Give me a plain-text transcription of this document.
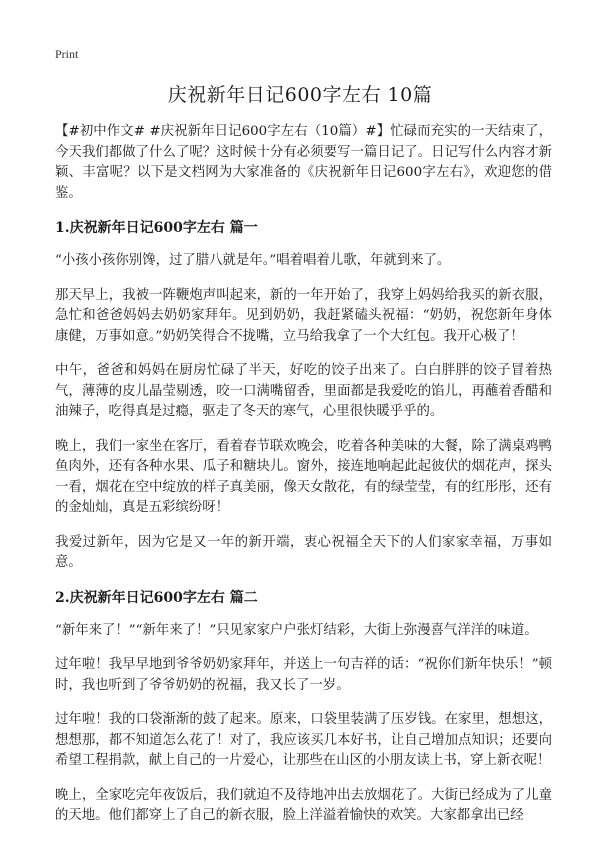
Print
庆祝新年日记600字左右 10篇

【#初中作文# #庆祝新年日记600字左右（10篇）#】忙碌而充实的一天结束了，今天我们都做了什么了呢？这时候十分有必须要写一篇日记了。日记写什么内容才新颖、丰富呢？以下是文档网为大家准备的《庆祝新年日记600字左右》，欢迎您的借鉴。

1.庆祝新年日记600字左右 篇一

“小孩小孩你别馋，过了腊八就是年。”唱着唱着儿歌，年就到来了。

那天早上，我被一阵鞭炮声叫起来，新的一年开始了，我穿上妈妈给我买的新衣服，急忙和爸爸妈妈去奶奶家拜年。见到奶奶，我赶紧磕头祝福：“奶奶，祝您新年身体康健，万事如意。”奶奶笑得合不拢嘴，立马给我拿了一个大红包。我开心极了！

中午，爸爸和妈妈在厨房忙碌了半天，好吃的饺子出来了。白白胖胖的饺子冒着热气，薄薄的皮儿晶莹剔透，咬一口满嘴留香，里面都是我爱吃的馅儿，再蘸着香醋和油辣子，吃得真是过瘾，驱走了冬天的寒气，心里很快暖乎乎的。

晚上，我们一家坐在客厅，看着春节联欢晚会，吃着各种美味的大餐，除了满桌鸡鸭鱼肉外，还有各种水果、瓜子和糖块儿。窗外，接连地响起此起彼伏的烟花声，探头一看，烟花在空中绽放的样子真美丽，像天女散花，有的绿莹莹，有的红彤彤，还有的金灿灿，真是五彩缤纷呀！

我爱过新年，因为它是又一年的新开端，衷心祝福全天下的人们家家幸福，万事如意。

2.庆祝新年日记600字左右 篇二

“新年来了！”“新年来了！”只见家家户户张灯结彩，大街上弥漫喜气洋洋的味道。

过年啦！我早早地到爷爷奶奶家拜年，并送上一句吉祥的话：“祝你们新年快乐！”顿时，我也听到了爷爷奶奶的祝福，我又长了一岁。

过年啦！我的口袋渐渐的鼓了起来。原来，口袋里装满了压岁钱。在家里，想想这，想想那，都不知道怎么花了！对了，我应该买几本好书，让自己增加点知识；还要向希望工程捐款，献上自己的一片爱心，让那些在山区的小朋友读上书，穿上新衣呢！

晚上，全家吃完年夜饭后，我们就迫不及待地冲出去放烟花了。大街已经成为了儿童的天地。他们都穿上了自己的新衣服，脸上洋溢着愉快的欢笑。大家都拿出已经
